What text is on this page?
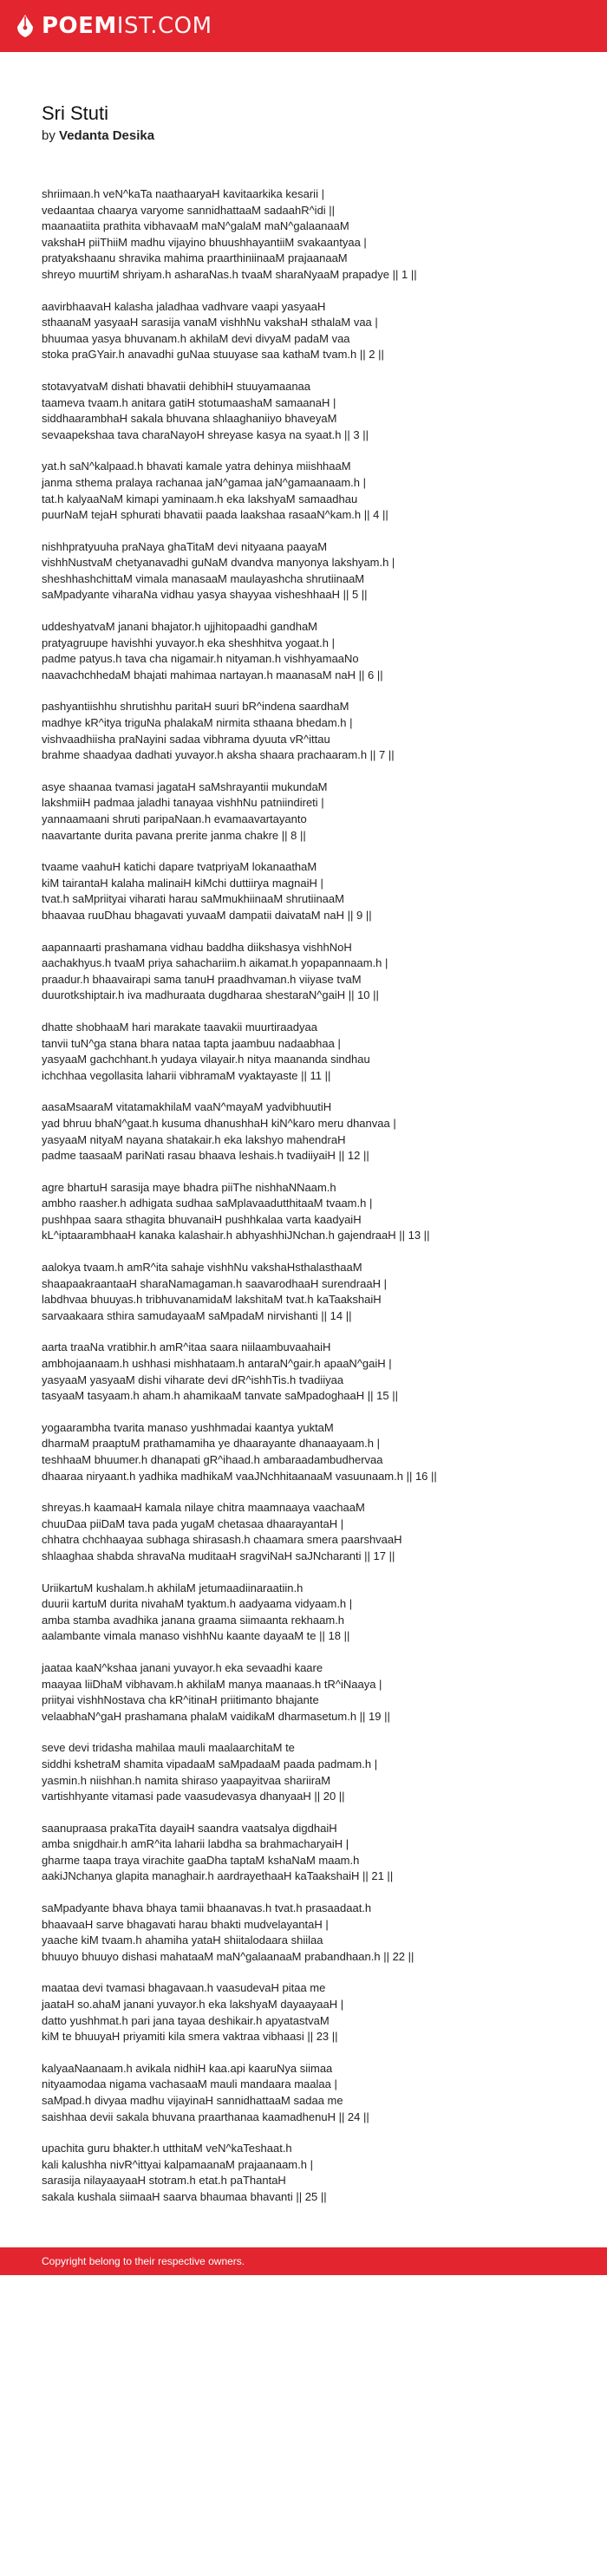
POEMIST.COM
Sri Stuti
by Vedanta Desika
shriimaan.h veN^kaTa naathaaryaH kavitaarkika kesarii |
vedaantaa chaarya varyome sannidhattaaM sadaahR^idi ||
maanaatiita prathita vibhavaaM maN^galaM maN^galaanaaM
vakshaH piiThiiM madhu vijayino bhuushhayantiiM svakaantyaa |
pratyakshaanu shravika mahima praarthiniinaaM prajaanaaM
shreyo muurtiM shriyam.h asharaNas.h tvaaM sharaNyaaM prapadye || 1 ||
aavirbhaavaH kalasha jaladhaa vadhvare vaapi yasyaaH
sthaanaM yasyaaH sarasija vanaM vishhNu vakshaH sthalaM vaa |
bhuumaa yasya bhuvanam.h akhilaM devi divyaM padaM vaa
stoka praGYair.h anavadhi guNaa stuuyase saa kathaM tvam.h || 2 ||
stotavyatvaM dishati bhavatii dehibhiH stuuyamaanaa
taameva tvaam.h anitara gatiH stotumaashaM samaanaH |
siddhaarambhaH sakala bhuvana shlaaghaniiyo bhaveyaM
sevaapekshaa tava charaNayoH shreyase kasya na syaat.h || 3 ||
yat.h saN^kalpaad.h bhavati kamale yatra dehinya miishhaaM
janma sthema pralaya rachanaa jaN^gamaa jaN^gamaanaam.h |
tat.h kalyaaNaM kimapi yaminaam.h eka lakshyaM samaadhau
puurNaM tejaH sphurati bhavatii paada laakshaa rasaaN^kam.h || 4 ||
nishhpratyuuha praNaya ghaTitaM devi nityaana paayaM
vishhNustvaM chetyanavadhi guNaM dvandva manyonya lakshyam.h |
sheshhashchittaM vimala manasaaM maulayashcha shrutiinaaM
saMpadyante viharaNa vidhau yasya shayyaa visheshhaaH || 5 ||
uddeshyatvaM janani bhajator.h ujjhitopaadhi gandhaM
pratyagruupe havishhi yuvayor.h eka sheshhitva yogaat.h |
padme patyus.h tava cha nigamair.h nityaman.h vishhyamaaNo
naavachchhedaM bhajati mahimaa nartayan.h maanasaM naH || 6 ||
pashyantiishhu shrutishhu paritaH suuri bR^indena saardhaM
madhye kR^itya triguNa phalakaM nirmita sthaana bhedam.h |
vishvaadhiisha praNayini sadaa vibhrama dyuuta vR^ittau
brahme shaadyaa dadhati yuvayor.h aksha shaara prachaaram.h || 7 ||
asye shaanaa tvamasi jagataH saMshrayantii mukundaM
lakshmiiH padmaa jaladhi tanayaa vishhNu patniindireti |
yannaamaani shruti paripaNaan.h evamaavartayanto
naavartante durita pavana prerite janma chakre || 8 ||
tvaame vaahuH katichi dapare tvatpriyaM lokanaathaM
kiM tairantaH kalaha malinaiH kiMchi duttiirya magnaiH |
tvat.h saMpriityai viharati harau saMmukhiinaaM shrutiinaaM
bhaavaa ruuDhau bhagavati yuvaaM dampatii daivataM naH || 9 ||
aapannaarti prashamana vidhau baddha diikshasya vishhNoH
aachakhyus.h tvaaM priya sahachariim.h aikamat.h yopapannaam.h |
praadur.h bhaavairapi sama tanuH praadhvaman.h viiyase tvaM
duurotkshiptair.h iva madhuraata dugdharaa shestaraN^gaiH || 10 ||
dhatte shobhaaM hari marakate taavakii muurtiraadyaa
tanvii tuN^ga stana bhara nataa tapta jaambuu nadaabhaa |
yasyaaM gachchhant.h yudaya vilayair.h nitya maananda sindhau
ichchhaa vegollasita laharii vibhramaM vyaktayaste || 11 ||
aasaMsaaraM vitatamakhilaM vaaN^mayaM yadvibhuutiH
yad bhruu bhaN^gaat.h kusuma dhanushhaH kiN^karo meru dhanvaa |
yasyaaM nityaM nayana shatakair.h eka lakshyo mahendraH
padme taasaaM pariNati rasau bhaava leshais.h tvadiiyaiH || 12 ||
agre bhartuH sarasija maye bhadra piiThe nishhaNNaam.h
ambho raasher.h adhigata sudhaa saMplavaadutthitaaM tvaam.h |
pushhpaa saara sthagita bhuvanaiH pushhkalaa varta kaadyaiH
kL^iptaarambhaaH kanaka kalashair.h abhyashhiJNchan.h gajendraaH || 13 ||
aalokya tvaam.h amR^ita sahaje vishhNu vakshaHsthalasthaaM
shaapaakraantaaH sharaNamagaman.h saavarodhaaH surendraaH |
labdhvaa bhuuyas.h tribhuvanamidaM lakshitaM tvat.h kaTaakshaiH
sarvaakaara sthira samudayaaM saMpadaM nirvishanti || 14 ||
aarta traaNa vratibhir.h amR^itaa saara niilaambuvaahaiH
ambhojaanaam.h ushhasi mishhataam.h antaraN^gair.h apaaN^gaiH |
yasyaaM yasyaaM dishi viharate devi dR^ishhTis.h tvadiiyaa
tasyaaM tasyaam.h aham.h ahamikaaM tanvate saMpadoghaaH || 15 ||
yogaarambha tvarita manaso yushhmadai kaantya yuktaM
dharmaM praaptuM prathamamiha ye dhaarayante dhanaayaam.h |
teshhaaM bhuumer.h dhanapati gR^ihaad.h ambaraadambudhervaa
dhaaraa niryaant.h yadhika madhikaM vaaJNchhitaanaaM vasuunaam.h || 16 ||
shreyas.h kaamaaH kamala nilaye chitra maamnaaya vaachaaM
chuuDaa piiDaM tava pada yugaM chetasaa dhaarayantaH |
chhatra chchhaayaa subhaga shirasash.h chaamara smera paarshvaaH
shlaaghaa shabda shravaNa muditaaH sragviNaH saJNcharanti || 17 ||
UriikartuM kushalam.h akhilaM jetumaadiinaraatiin.h
duurii kartuM durita nivahaM tyaktum.h aadyaama vidyaam.h |
amba stamba avadhika janana graama siimaanta rekhaam.h
aalambante vimala manaso vishhNu kaante dayaaM te || 18 ||
jaataa kaaN^kshaa janani yuvayor.h eka sevaadhi kaare
maayaa liiDhaM vibhavam.h akhilaM manya maanaas.h tR^iNaaya |
priityai vishhNostava cha kR^itinaH priitimanto bhajante
velaabhaN^gaH prashamana phalaM vaidikaM dharmasetum.h || 19 ||
seve devi tridasha mahilaa mauli maalaarchitaM te
siddhi kshetraM shamita vipadaaM saMpadaaM paada padmam.h |
yasmin.h niishhan.h namita shiraso yaapayitvaa shariiraM
vartishhyante vitamasi pade vaasudevasya dhanyaaH || 20 ||
saanupraasa prakaTita dayaiH saandra vaatsalya digdhaiH
amba snigdhair.h amR^ita laharii labdha sa brahmacharyaiH |
gharme taapa traya virachite gaaDha taptaM kshaNaM maam.h
aakiJNchanya glapita managhair.h aardrayethaaH kaTaakshaiH || 21 ||
saMpadyante bhava bhaya tamii bhaanavas.h tvat.h prasaadaat.h
bhaavaaH sarve bhagavati harau bhakti mudvelayantaH |
yaache kiM tvaam.h ahamiha yataH shiitalodaara shiilaa
bhuuyo bhuuyo dishasi mahataaM maN^galaanaaM prabandhaan.h || 22 ||
maataa devi tvamasi bhagavaan.h vaasudevaH pitaa me
jaataH so.ahaM janani yuvayor.h eka lakshyaM dayaayaaH |
datto yushhmat.h pari jana tayaa deshikair.h apyatastvaM
kiM te bhuuyaH priyamiti kila smera vaktraa vibhaasi || 23 ||
kalyaaNaanaam.h avikala nidhiH kaa.api kaaruNya siimaa
nityaamodaa nigama vachasaaM mauli mandaara maalaa |
saMpad.h divyaa madhu vijayinaH sannidhattaaM sadaa me
saishhaa devii sakala bhuvana praarthanaa kaamadhenuH || 24 ||
upachita guru bhakter.h utthitaM veN^kaTeshaat.h
kali kalushha nivR^ittyai kalpamaanaM prajaanaam.h |
sarasija nilayaayaaH stotram.h etat.h paThantaH
sakala kushala siimaaH saarva bhaumaa bhavanti || 25 ||
Copyright belong to their respective owners.
